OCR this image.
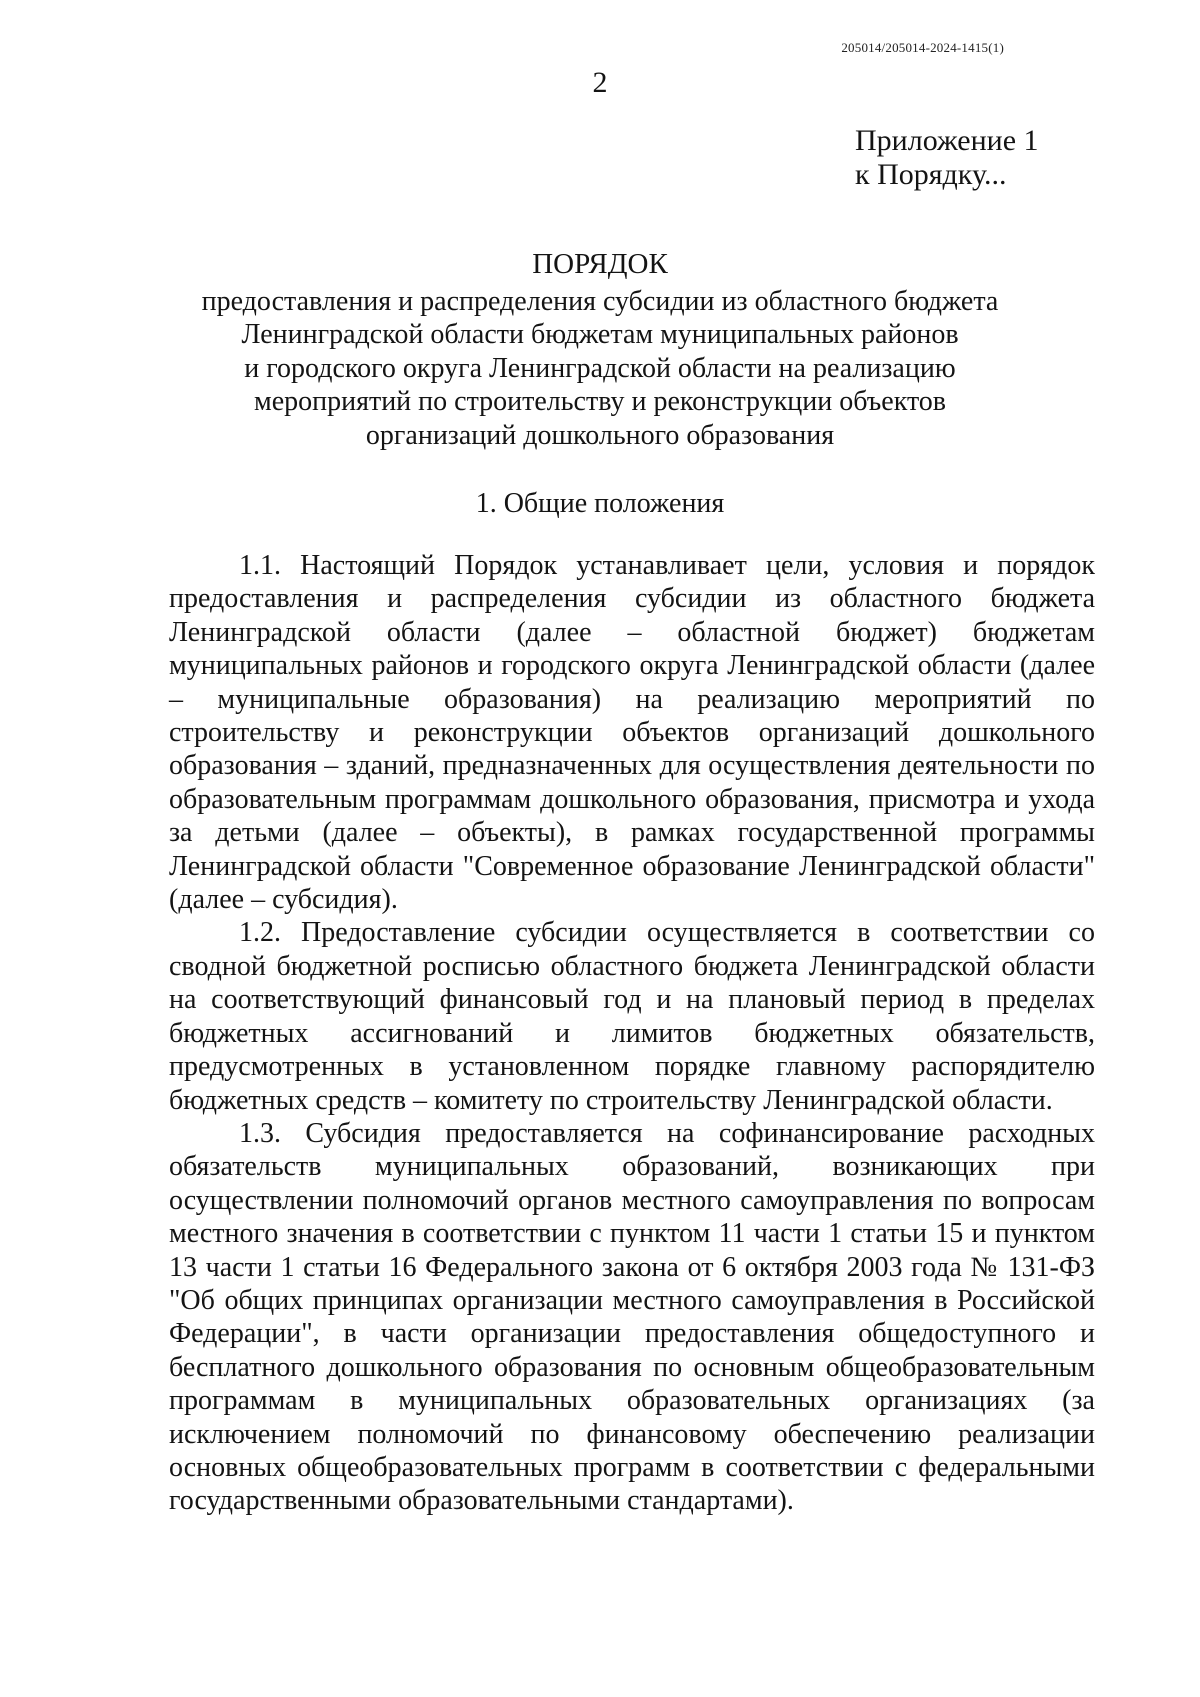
205014/205014-2024-1415(1)
2
Приложение 1
к Порядку...
ПОРЯДОК
предоставления и распределения субсидии из областного бюджета
Ленинградской области бюджетам муниципальных районов
и городского округа Ленинградской области на реализацию
мероприятий по строительству и реконструкции объектов
организаций дошкольного образования
1. Общие положения

1.1. Настоящий Порядок устанавливает цели, условия и порядок предоставления и распределения субсидии из областного бюджета Ленинградской области (далее – областной бюджет) бюджетам муниципальных районов и городского округа Ленинградской области (далее – муниципальные образования) на реализацию мероприятий по строительству и реконструкции объектов организаций дошкольного образования – зданий, предназначенных для осуществления деятельности по образовательным программам дошкольного образования, присмотра и ухода за детьми (далее – объекты), в рамках государственной программы Ленинградской области "Современное образование Ленинградской области" (далее – субсидия).

1.2. Предоставление субсидии осуществляется в соответствии со сводной бюджетной росписью областного бюджета Ленинградской области на соответствующий финансовый год и на плановый период в пределах бюджетных ассигнований и лимитов бюджетных обязательств, предусмотренных в установленном порядке главному распорядителю бюджетных средств – комитету по строительству Ленинградской области.

1.3. Субсидия предоставляется на софинансирование расходных обязательств муниципальных образований, возникающих при осуществлении полномочий органов местного самоуправления по вопросам местного значения в соответствии с пунктом 11 части 1 статьи 15 и пунктом 13 части 1 статьи 16 Федерального закона от 6 октября 2003 года № 131-ФЗ "Об общих принципах организации местного самоуправления в Российской Федерации", в части организации предоставления общедоступного и бесплатного дошкольного образования по основным общеобразовательным программам в муниципальных образовательных организациях (за исключением полномочий по финансовому обеспечению реализации основных общеобразовательных программ в соответствии с федеральными государственными образовательными стандартами).
